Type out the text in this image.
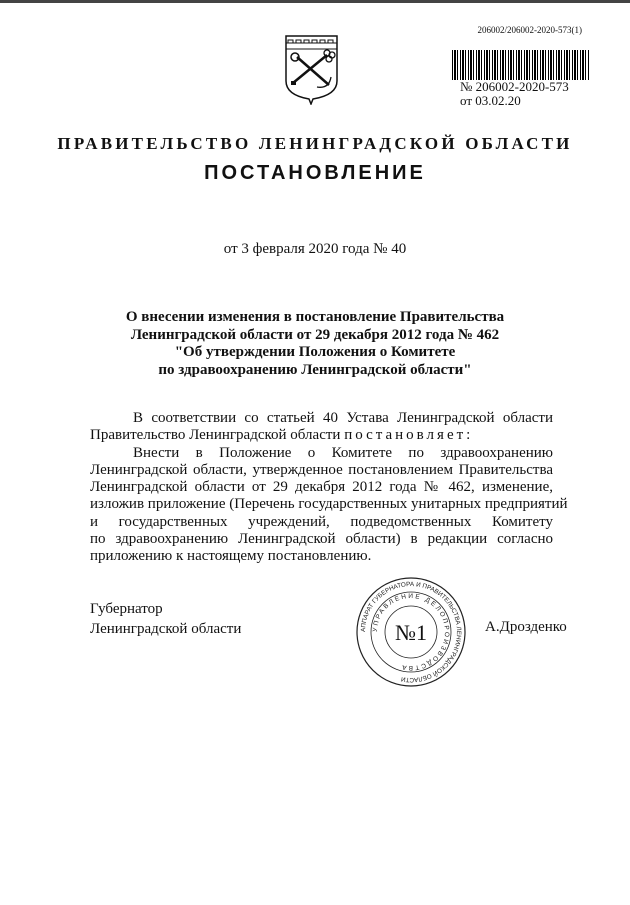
206002/206002-2020-573(1)
№ 206002-2020-573
от 03.02.20
ПРАВИТЕЛЬСТВО ЛЕНИНГРАДСКОЙ ОБЛАСТИ
ПОСТАНОВЛЕНИЕ
от 3 февраля 2020 года № 40
О внесении изменения в постановление Правительства
Ленинградской области от 29 декабря 2012 года № 462
"Об утверждении Положения о Комитете
по здравоохранению Ленинградской области"
В соответствии со статьей 40 Устава Ленинградской области
Правительство Ленинградской области постановляет:
Внести в Положение о Комитете по здравоохранению
Ленинградской области, утвержденное постановлением Правительства
Ленинградской области от 29 декабря 2012 года № 462, изменение,
изложив приложение (Перечень государственных унитарных предприятий
и государственных учреждений, подведомственных Комитету
по здравоохранению Ленинградской области) в редакции согласно
приложению к настоящему постановлению.
Губернатор
Ленинградской области	АППАРАТ ГУБЕРНАТОРА И ПРАВИТЕЛЬСТВА ЛЕНИНГРАДСКОЙ ОБЛАСТИ
УПРАВЛЕНИЕ ДЕЛОПРОИЗВОДСТВА
№1	А.Дрозденко
